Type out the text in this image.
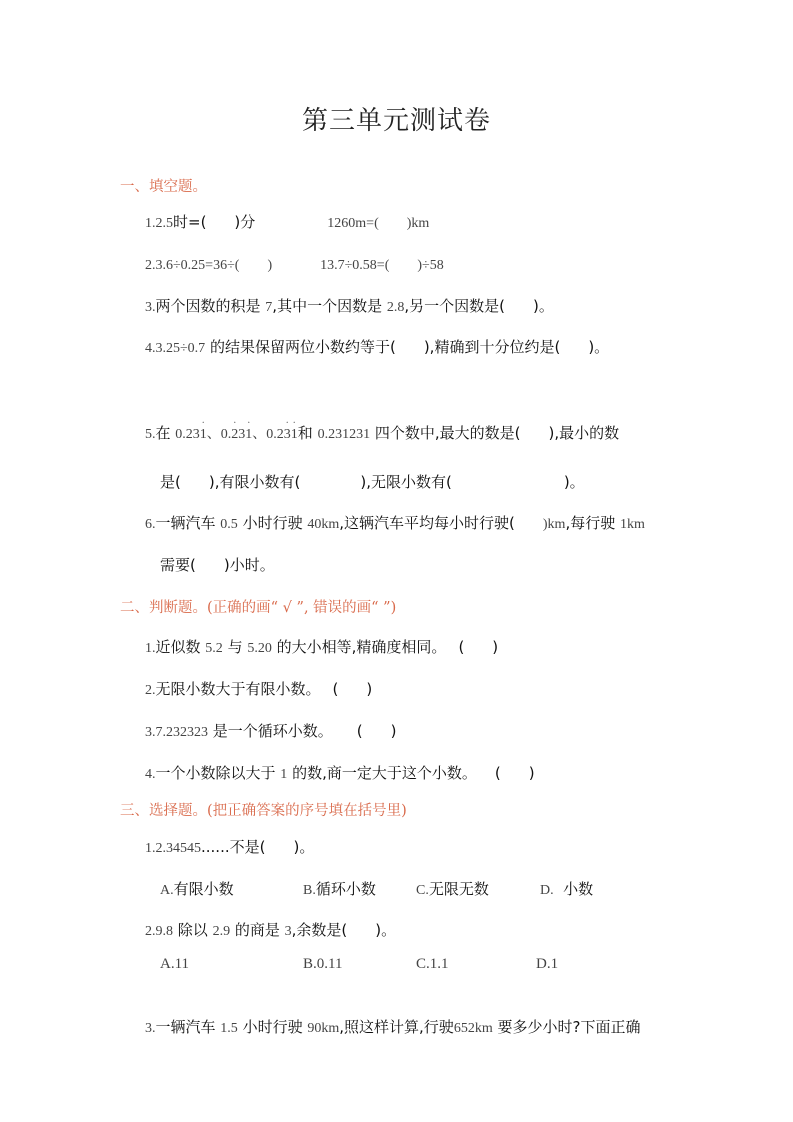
第三单元测试卷
一、填空题。
1.2.5时=( )分	1260m=( )km
2.3.6÷0.25=36÷( )	13.7÷0.58=( )÷58
3.两个因数的积是 7,其中一个因数是 2.8,另一个因数是( )。
4.3.25÷0.7 的结果保留两位小数约等于( ),精确到十分位约是( )。
5.在 0.23· 1、0.· 23· 1、0.2· 3· 1和 0.231231 四个数中,最大的数是( ),最小的数
是( ),有限小数有(	),无限小数有(	)。
6.一辆汽车 0.5 小时行驶 40km,这辆汽车平均每小时行驶( )km,每行驶 1km
需要( )小时。
二、判断题。(正确的画“ √ ”, 错误的画“ ”)
1.近似数 5.2 与 5.20 的大小相等,精确度相同。 ( )
2.无限小数大于有限小数。 ( )
3.7.232323 是一个循环小数。 ( )
4.一个小数除以大于 1 的数,商一定大于这个小数。 ( )
三、选择题。(把正确答案的序号填在括号里)
1.2.34545......不是( )。
A.有限小数	B.循环小数	C.无限无数	D. 小数
2.9.8 除以 2.9 的商是 3,余数是( )。
A.11	B.0.11	C.1.1	D.1
3.一辆汽车 1.5 小时行驶 90km,照这样计算,行驶652km 要多少小时?下面正确
